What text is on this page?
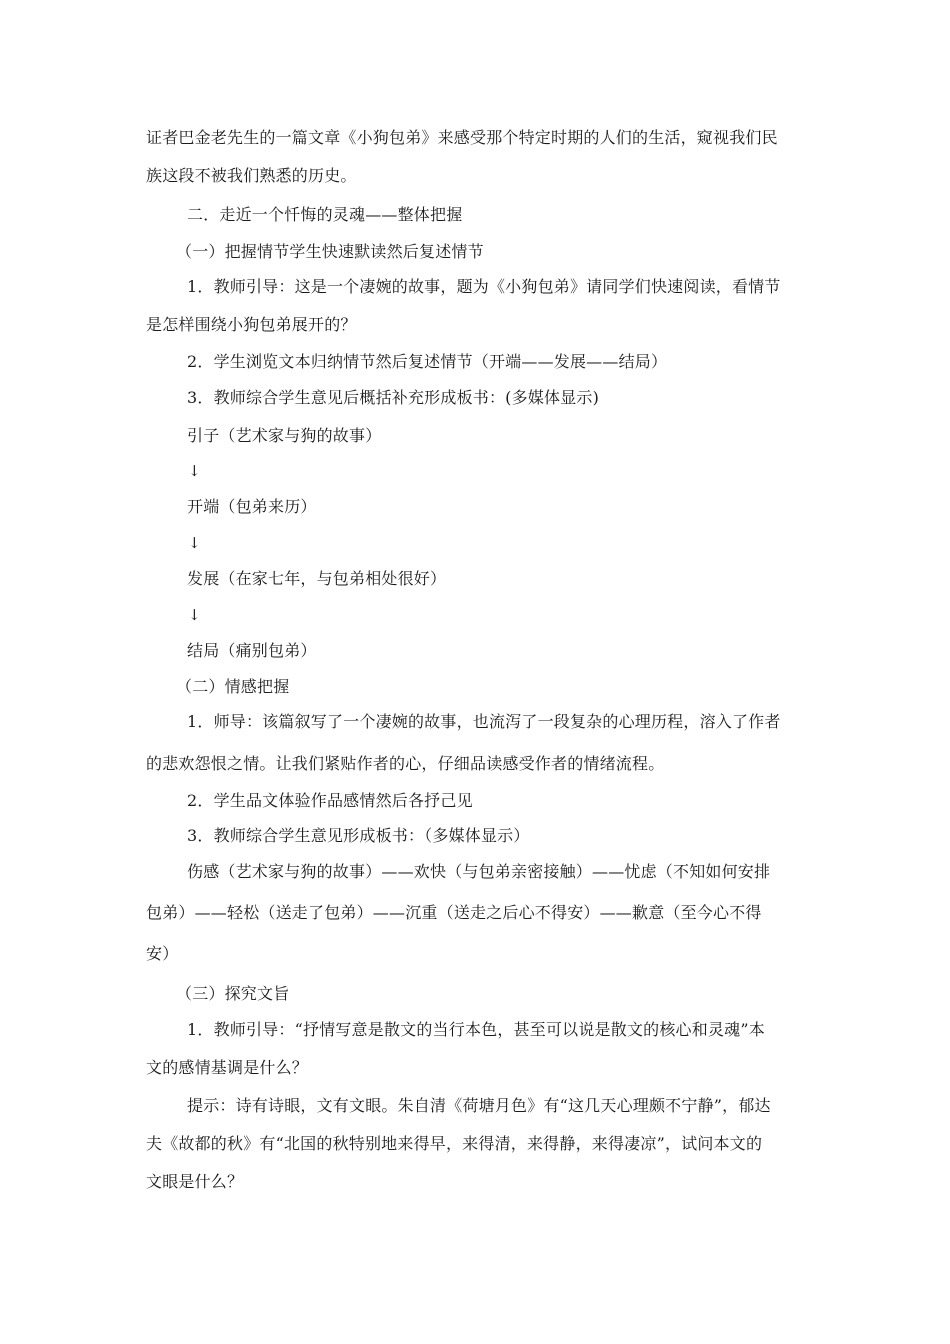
证者巴金老先生的一篇文章《小狗包弟》来感受那个特定时期的人们的生活，窥视我们民
族这段不被我们熟悉的历史。
二．走近一个忏悔的灵魂——整体把握
（一）把握情节学生快速默读然后复述情节
1．教师引导：这是一个凄婉的故事，题为《小狗包弟》请同学们快速阅读，看情节
是怎样围绕小狗包弟展开的？
2．学生浏览文本归纳情节然后复述情节（开端——发展——结局）
3．教师综合学生意见后概括补充形成板书：(多媒体显示)
引子（艺术家与狗的故事）
↓
开端（包弟来历）
↓
发展（在家七年，与包弟相处很好）
↓
结局（痛别包弟）
（二）情感把握
1．师导：该篇叙写了一个凄婉的故事，也流泻了一段复杂的心理历程，溶入了作者
的悲欢怨恨之情。让我们紧贴作者的心，仔细品读感受作者的情绪流程。
2．学生品文体验作品感情然后各抒己见
3．教师综合学生意见形成板书：（多媒体显示）
伤感（艺术家与狗的故事）——欢快（与包弟亲密接触）——忧虑（不知如何安排
包弟）——轻松（送走了包弟）——沉重（送走之后心不得安）——歉意（至今心不得
安）
（三）探究文旨
1．教师引导：“抒情写意是散文的当行本色，甚至可以说是散文的核心和灵魂”本
文的感情基调是什么？
提示：诗有诗眼，文有文眼。朱自清《荷塘月色》有“这几天心理颇不宁静”，郁达
夫《故都的秋》有“北国的秋特别地来得早，来得清，来得静，来得凄凉”，试问本文的
文眼是什么？
